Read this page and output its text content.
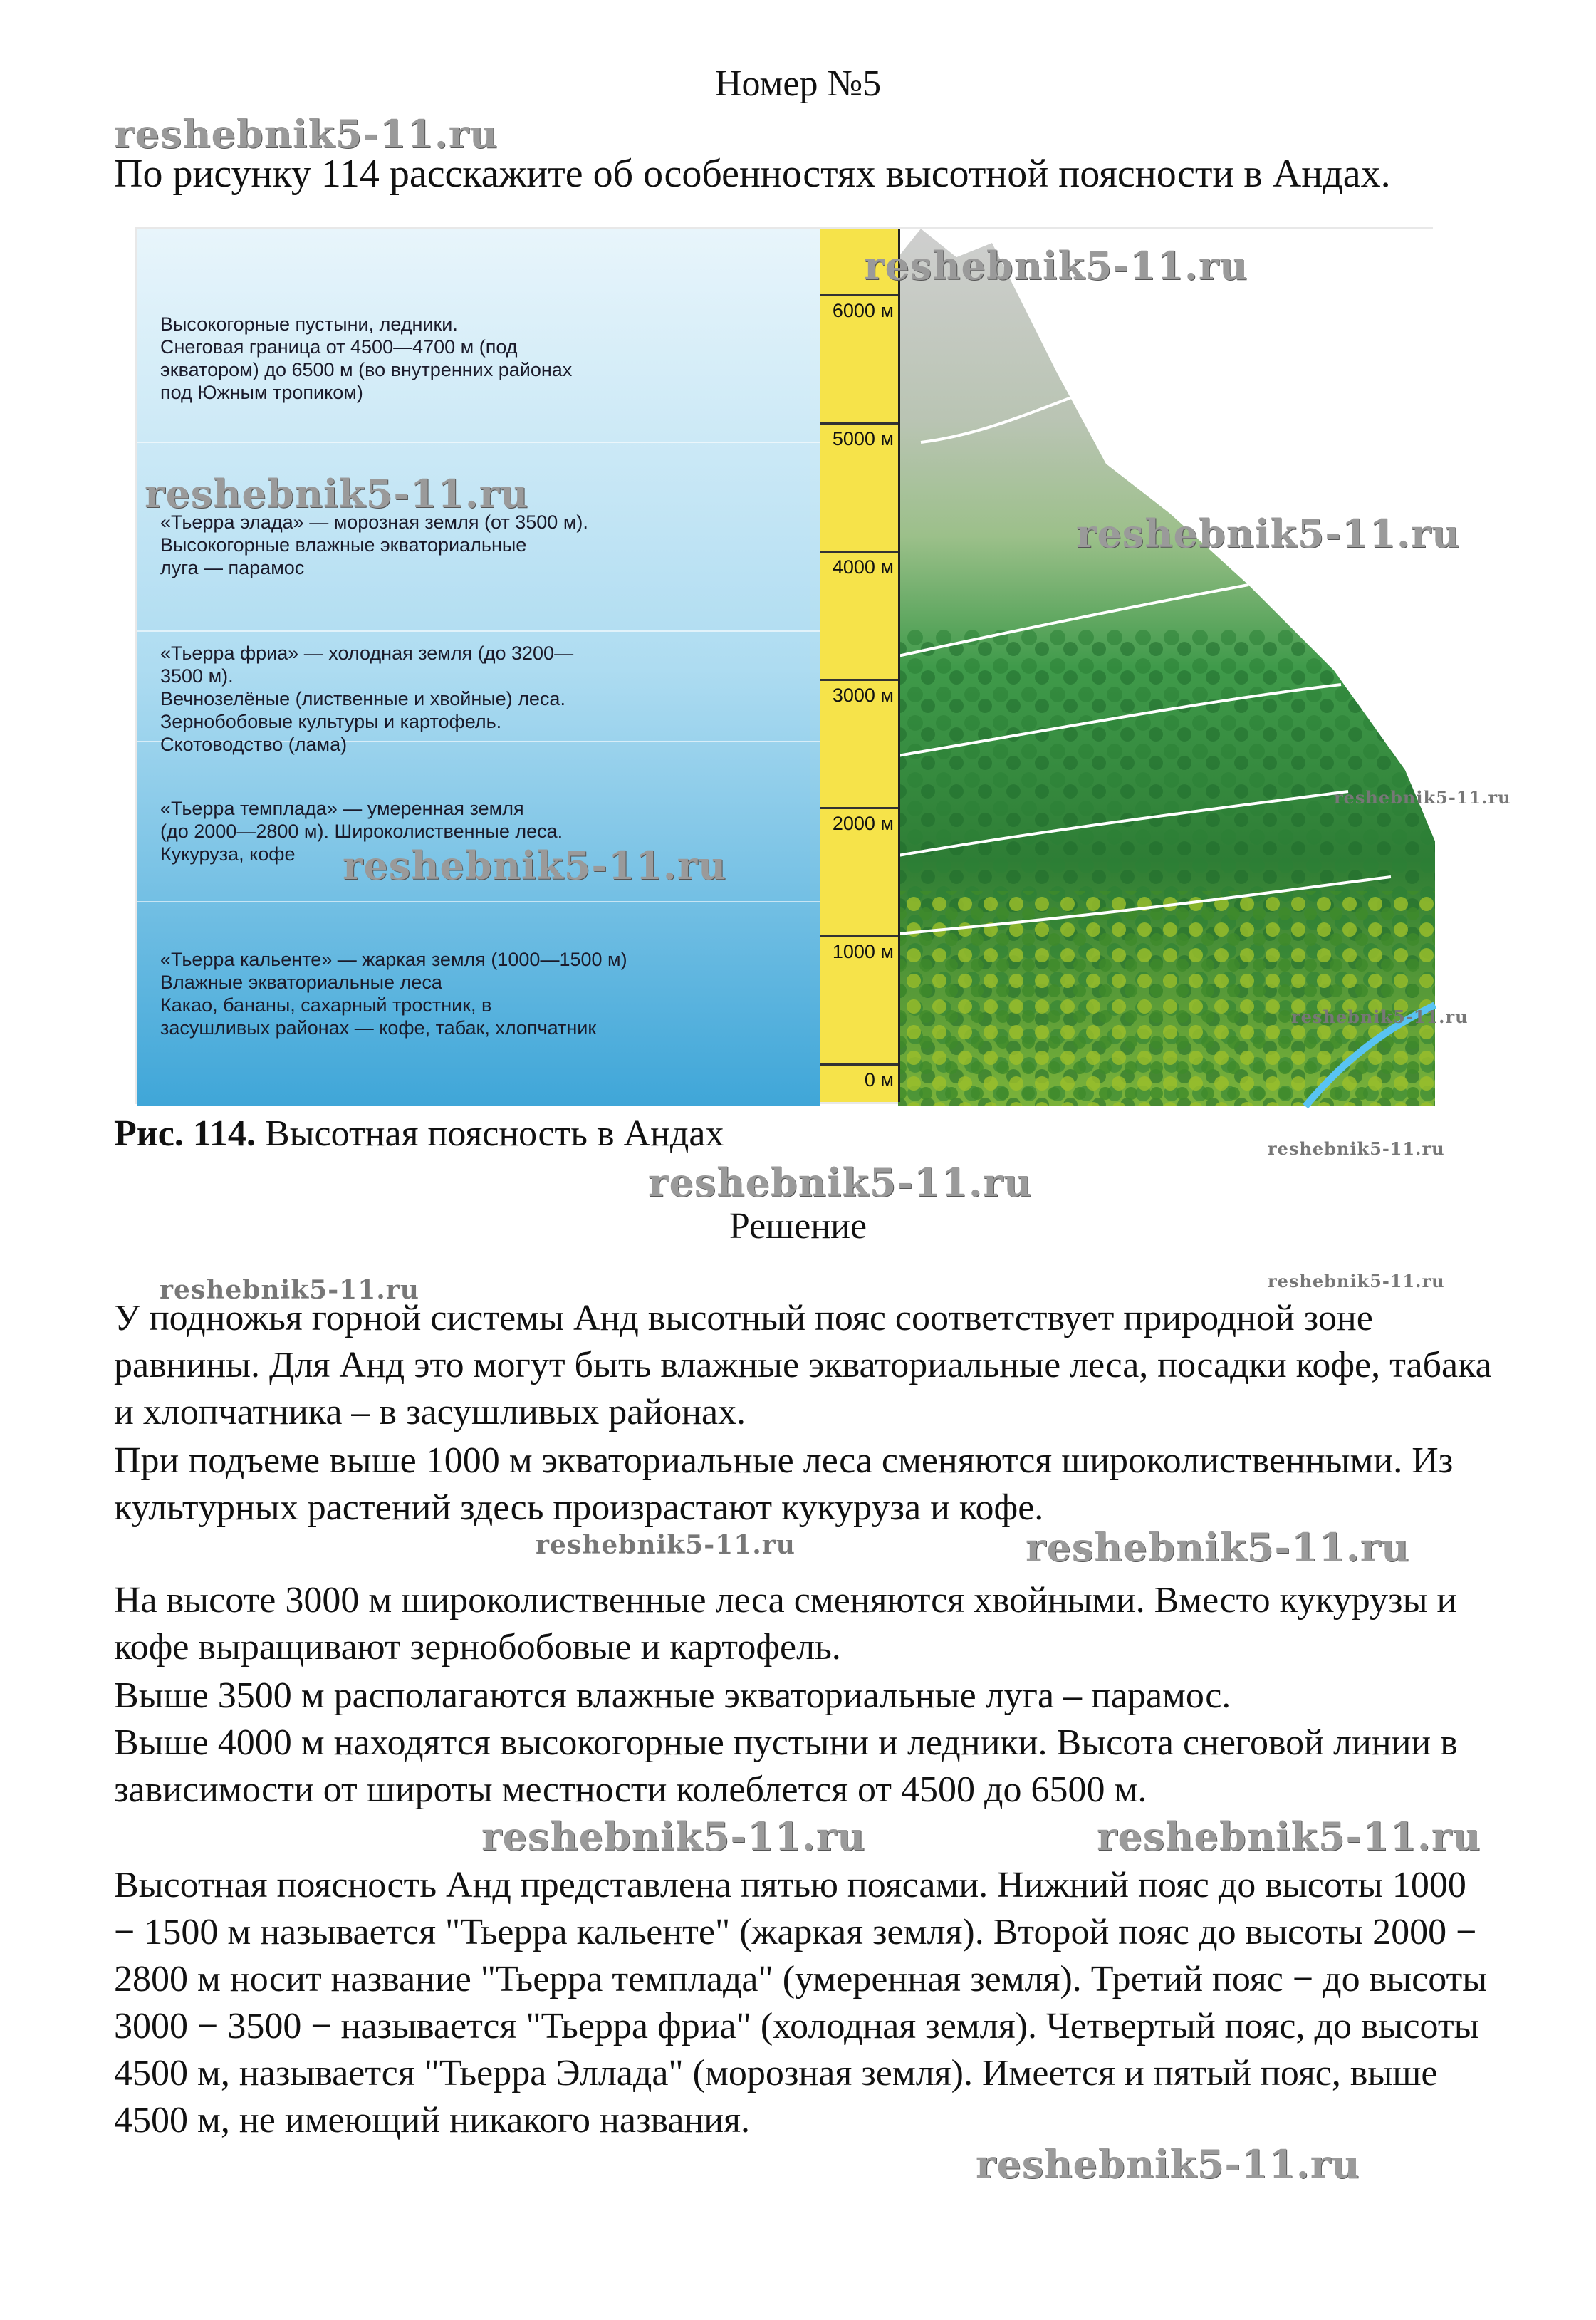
Номер №5
reshebnik5-11.ru
По рисунку 114 расскажите об особенностях высотной поясности в Андах.
Высокогорные пустыни, ледники.
Снеговая граница от 4500—4700 м (под
экватором) до 6500 м (во внутренних районах
под Южным тропиком)
«Тьерра элада» — морозная земля (от 3500 м).
Высокогорные влажные экваториальные
луга — парамос
«Тьерра фриа» — холодная земля (до 3200—
3500 м).
Вечнозелёные (лиственные и хвойные) леса.
Зернобобовые культуры и картофель.
Скотоводство (лама)
«Тьерра темплада» — умеренная земля
(до 2000—2800 м). Широколиственные леса.
Кукуруза, кофе
«Тьерра кальенте» — жаркая земля (1000—1500 м)
Влажные экваториальные леса
Какао, бананы, сахарный тростник, в
засушливых районах — кофе, табак, хлопчатник
6000 м
5000 м
4000 м
3000 м
2000 м
1000 м
0 м
reshebnik5-11.ru
reshebnik5-11.ru
reshebnik5-11.ru
reshebnik5-11.ru
reshebnik5-11.ru
reshebnik5-11.ru
Рис. 114. Высотная поясность в Андах	reshebnik5-11.ru
reshebnik5-11.ru
Решение
reshebnik5-11.ru
reshebnik5-11.ru
У подножья горной системы Анд высотный пояс соответствует природной зоне равнины. Для Анд это могут быть влажные экваториальные леса, посадки кофе, табака и хлопчатника – в засушливых районах.
При подъеме выше 1000 м экваториальные леса сменяются широколиственными. Из культурных растений здесь произрастают кукуруза и кофе.
reshebnik5-11.ru	reshebnik5-11.ru
На высоте 3000 м широколиственные леса сменяются хвойными. Вместо кукурузы и кофе выращивают зернобобовые и картофель.
Выше 3500 м располагаются влажные экваториальные луга – парамос.
Выше 4000 м находятся высокогорные пустыни и ледники. Высота снеговой линии в зависимости от широты местности колеблется от 4500 до 6500 м.
reshebnik5-11.ru
reshebnik5-11.ru
Высотная поясность Анд представлена пятью поясами. Нижний пояс до высоты 1000 − 1500 м называется "Тьерра кальенте" (жаркая земля). Второй пояс до высоты 2000 − 2800 м носит название "Тьерра темплада" (умеренная земля). Третий пояс − до высоты 3000 − 3500 − называется "Тьерра фриа" (холодная земля). Четвертый пояс, до высоты 4500 м, называется "Тьерра Эллада" (морозная земля). Имеется и пятый пояс, выше 4500 м, не имеющий никакого названия.
reshebnik5-11.ru
